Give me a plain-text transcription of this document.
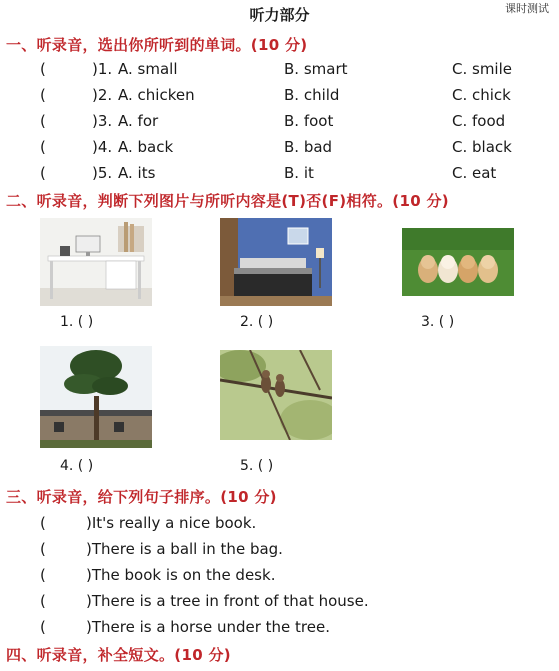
听力部分	课时测试
一、听录音，选出你所听到的单词。(10 分)
(	)1. A. small	B. smart	C. smile
(	)2. A. chicken	B. child	C. chick
(	)3. A. for	B. foot	C. food
(	)4. A. back	B. bad	C. black
(	)5. A. its	B. it	C. eat
二、听录音，判断下列图片与所听内容是(T)否(F)相符。(10 分)
1. ( )	2. ( )	3. ( )
4. ( )	5. ( )
三、听录音，给下列句子排序。(10 分)
(	)It's really a nice book.
(	)There is a ball in the bag.
(	)The book is on the desk.
(	)There is a tree in front of that house.
(	)There is a horse under the tree.
四、听录音，补全短文。(10 分)
